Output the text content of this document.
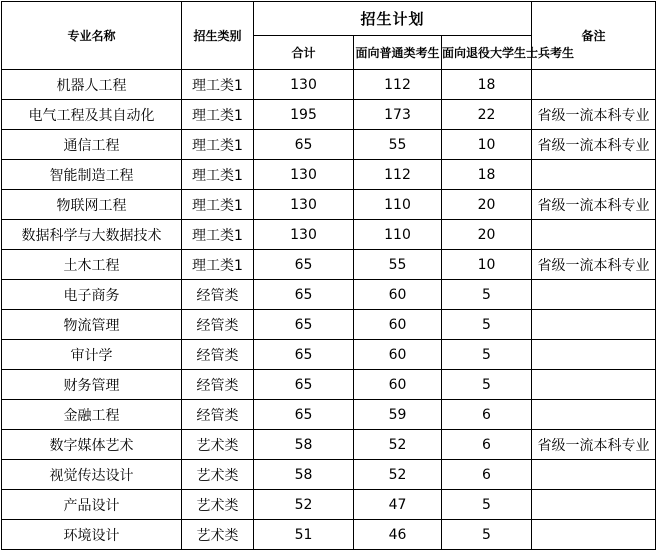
专业名称	招生类别	招生计划			备注
		合计	面向普通类考生	面向退役大学生士兵考生	
机器人工程	理工类1	130	112	18	
电气工程及其自动化	理工类1	195	173	22	省级一流本科专业
通信工程	理工类1	65	55	10	省级一流本科专业
智能制造工程	理工类1	130	112	18	
物联网工程	理工类1	130	110	20	省级一流本科专业
数据科学与大数据技术	理工类1	130	110	20	
土木工程	理工类1	65	55	10	省级一流本科专业
电子商务	经管类	65	60	5	
物流管理	经管类	65	60	5	
审计学	经管类	65	60	5	
财务管理	经管类	65	60	5	
金融工程	经管类	65	59	6	
数字媒体艺术	艺术类	58	52	6	省级一流本科专业
视觉传达设计	艺术类	58	52	6	
产品设计	艺术类	52	47	5	
环境设计	艺术类	51	46	5	
